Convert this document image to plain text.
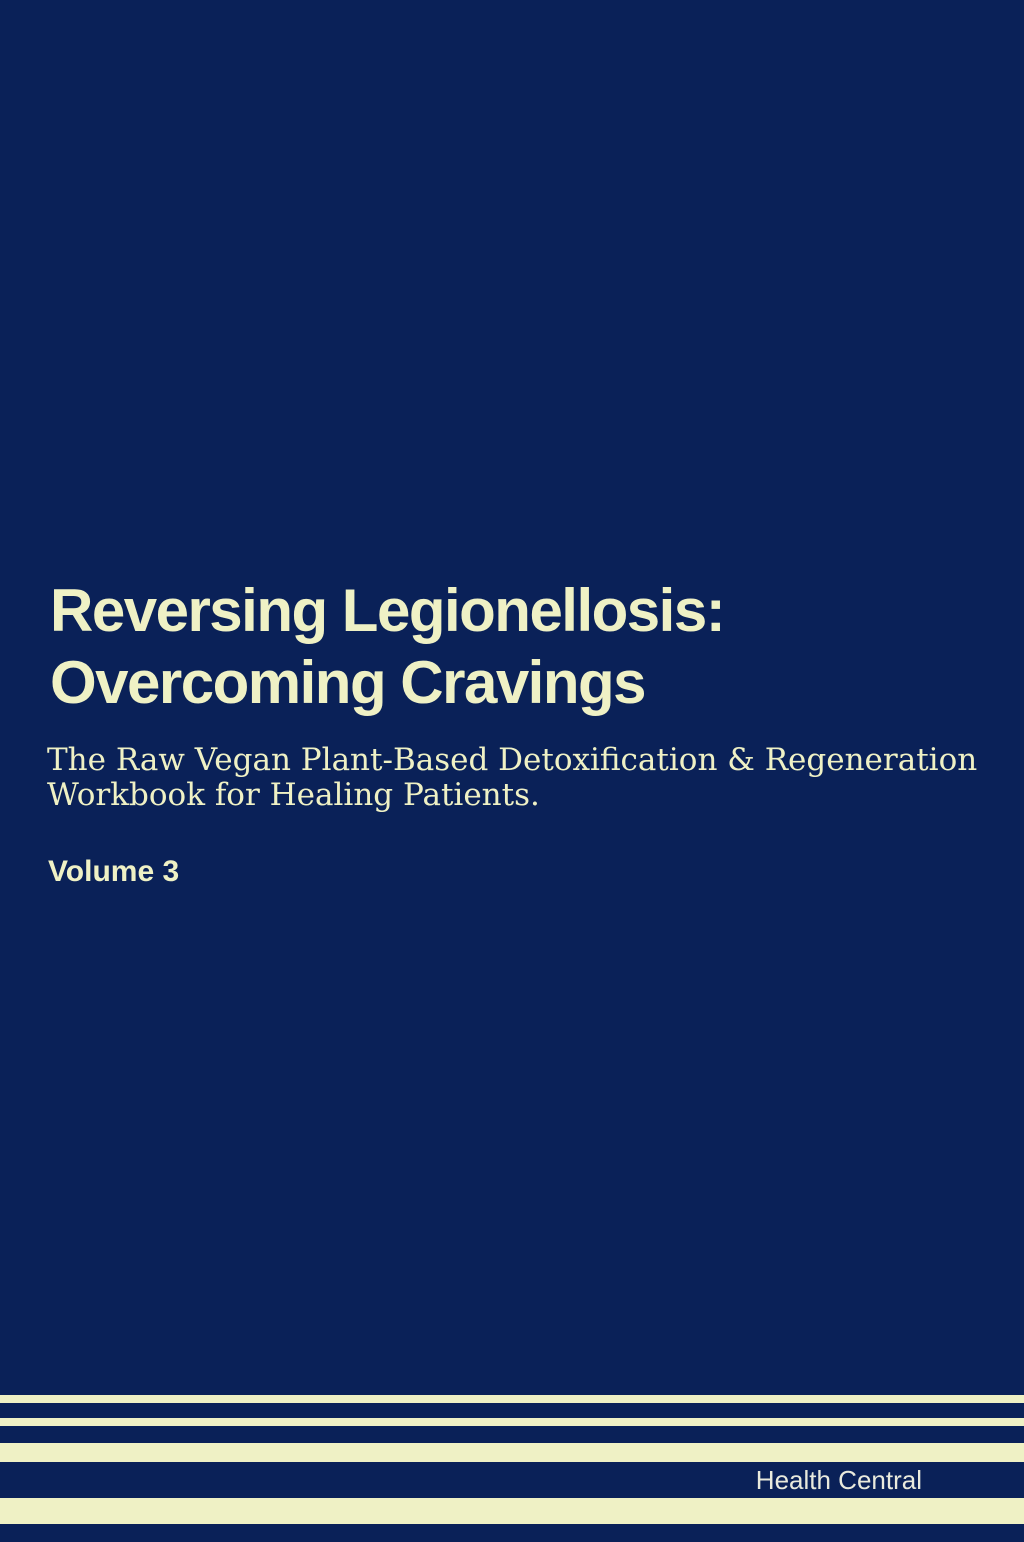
Reversing Legionellosis:
Overcoming Cravings

The Raw Vegan Plant-Based Detoxification & Regeneration
Workbook for Healing Patients.

Volume 3

Health Central
